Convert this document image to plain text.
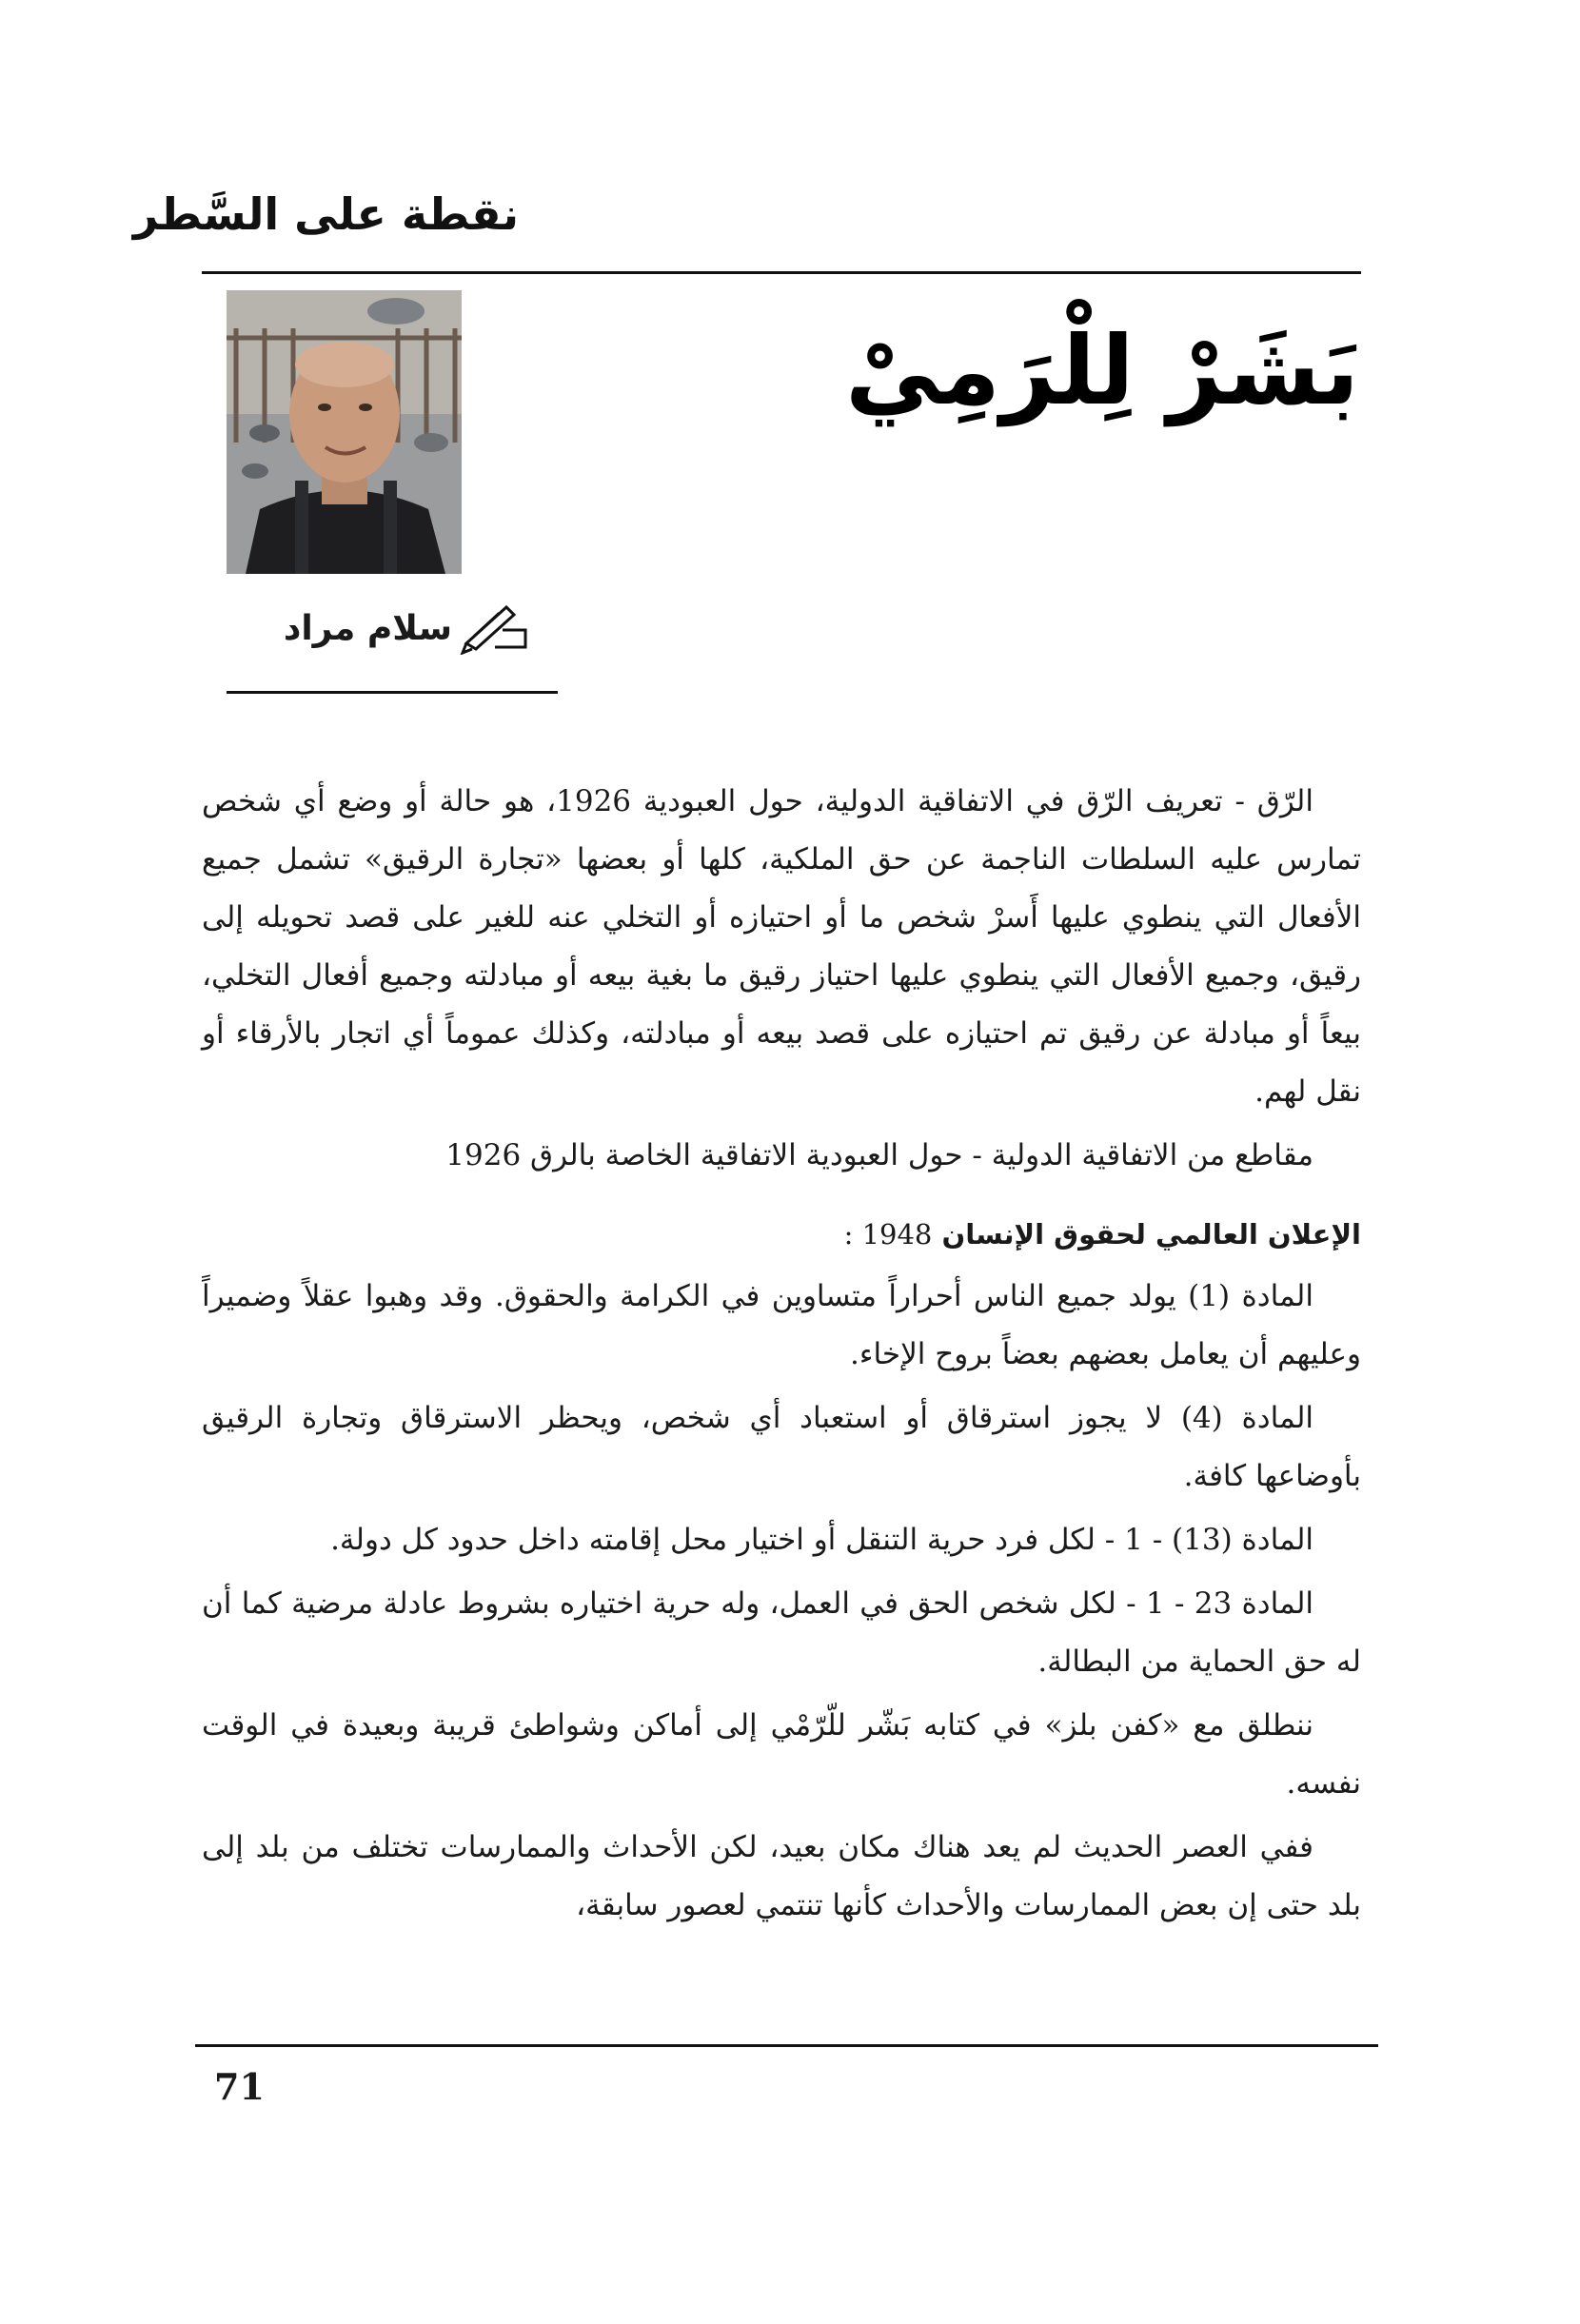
نقطة على السَّطر
بَشَرْ لِلْرَمِيْ
سلام مراد

الرّق - تعريف الرّق في الاتفاقية الدولية، حول العبودية 1926، هو حالة أو وضع أي شخص تمارس عليه السلطات الناجمة عن حق الملكية، كلها أو بعضها «تجارة الرقيق» تشمل جميع الأفعال التي ينطوي عليها أَسرْ شخص ما أو احتيازه أو التخلي عنه للغير على قصد تحويله إلى رقيق، وجميع الأفعال التي ينطوي عليها احتياز رقيق ما بغية بيعه أو مبادلته وجميع أفعال التخلي، بيعاً أو مبادلة عن رقيق تم احتيازه على قصد بيعه أو مبادلته، وكذلك عموماً أي اتجار بالأرقاء أو نقل لهم.

مقاطع من الاتفاقية الدولية - حول العبودية الاتفاقية الخاصة بالرق 1926

الإعلان العالمي لحقوق الإنسان 1948 :

المادة (1) يولد جميع الناس أحراراً متساوين في الكرامة والحقوق. وقد وهبوا عقلاً وضميراً وعليهم أن يعامل بعضهم بعضاً بروح الإخاء.

المادة (4) لا يجوز استرقاق أو استعباد أي شخص، ويحظر الاسترقاق وتجارة الرقيق بأوضاعها كافة.

المادة (13) - 1 - لكل فرد حرية التنقل أو اختيار محل إقامته داخل حدود كل دولة.

المادة 23 - 1 - لكل شخص الحق في العمل، وله حرية اختياره بشروط عادلة مرضية كما أن له حق الحماية من البطالة.

ننطلق مع «كفن بلز» في كتابه بَشّر للّرّمْي إلى أماكن وشواطئ قريبة وبعيدة في الوقت نفسه.

ففي العصر الحديث لم يعد هناك مكان بعيد، لكن الأحداث والممارسات تختلف من بلد إلى بلد حتى إن بعض الممارسات والأحداث كأنها تنتمي لعصور سابقة،

71
